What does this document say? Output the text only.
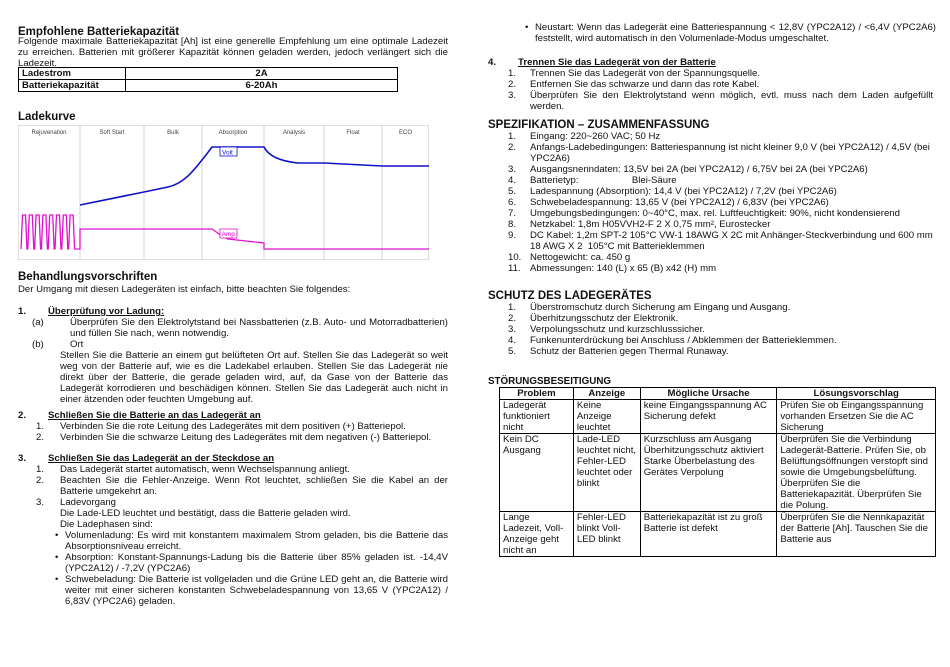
Empfohlene Batteriekapazität

Folgende maximale Batteriekapazität [Ah] ist eine generelle Empfehlung um eine optimale Ladezeit zu erreichen. Batterien mit größerer Kapazität können geladen werden, jedoch verlängert sich die Ladezeit.

Ladestrom	2A
Batteriekapazität	6-20Ah
Ladekurve
Rejuvenation	Soft Start	Bulk	Absorption	Analysis	Float	ECO
Volt
Amp.
Behandlungsvorschriften

Der Umgang mit diesen Ladegeräten ist einfach, bitte beachten Sie folgendes:

1.	Überprüfung vor Ladung:
(a)	Überprüfen Sie den Elektrolytstand bei Nassbatterien (z.B. Auto- und Motorradbatterien) und füllen Sie nach, wenn notwendig.
(b)	Ort

Stellen Sie die Batterie an einem gut belüfteten Ort auf. Stellen Sie das Ladegerät so weit weg von der Batterie auf, wie es die Ladekabel erlauben. Stellen Sie das Ladegerät nie direkt über der Batterie, die gerade geladen wird, auf, da Gase von der Batterie das Ladegerät korrodieren und beschädigen können. Stellen Sie das Ladegerät auch nicht in einer ätzenden oder feuchten Umgebung auf.

2.	Schließen Sie die Batterie an das Ladegerät an
1.	Verbinden Sie die rote Leitung des Ladegerätes mit dem positiven (+) Batteriepol.
2.	Verbinden Sie die schwarze Leitung des Ladegerätes mit dem negativen (-) Batteriepol.
3.	Schließen Sie das Ladegerät an der Steckdose an
1.	Das Ladegerät startet automatisch, wenn Wechselspannung anliegt.
2.	Beachten Sie die Fehler-Anzeige. Wenn Rot leuchtet, schließen Sie die Kabel an der Batterie umgekehrt an.
3.	Ladevorgang

Die Lade-LED leuchtet und bestätigt, dass die Batterie geladen wird.

Die Ladephasen sind:

• Volumenladung: Es wird mit konstantem maximalem Strom geladen, bis die Batterie das Absorptionsniveau erreicht.
• Absorption: Konstant-Spannungs-Ladung bis die Batterie über 85% geladen ist. -14,4V (YPC2A12) / -7,2V (YPC2A6)
• Schwebeladung: Die Batterie ist vollgeladen und die Grüne LED geht an, die Batterie wird weiter mit einer sicheren konstanten Schwebeladespannung von 13,65 V (YPC2A12) / 6,83V (YPC2A6) geladen.
• Neustart: Wenn das Ladegerät eine Batteriespannung < 12,8V (YPC2A12) / <6,4V (YPC2A6) feststellt, wird automatisch in den Volumenlade-Modus umgeschaltet.
4.	Trennen Sie das Ladegerät von der Batterie
1.	Trennen Sie das Ladegerät von der Spannungsquelle.
2.	Entfernen Sie das schwarze und dann das rote Kabel.
3.	Überprüfen Sie den Elektrolytstand wenn möglich, evtl. muss nach dem Laden aufgefüllt werden.
SPEZIFIKATION – ZUSAMMENFASSUNG
1.	Eingang: 220~260 VAC; 50 Hz
2.	Anfangs-Ladebedingungen: Batteriespannung ist nicht kleiner 9,0 V (bei YPC2A12) / 4,5V (bei YPC2A6)
3.	Ausgangsnenndaten: 13,5V bei 2A (bei YPC2A12) / 6,75V bei 2A (bei YPC2A6)
4.	Batterietyp:                    Blei-Säure
5.	Ladespannung (Absorption): 14,4 V (bei YPC2A12) / 7,2V (bei YPC2A6)
6.	Schwebeladespannung: 13,65 V (bei YPC2A12) / 6,83V (bei YPC2A6)
7.	Umgebungsbedingungen: 0~40°C, max. rel. Luftfeuchtigkeit: 90%, nicht kondensierend
8.	Netzkabel: 1,8m H05VVH2-F 2 X 0,75 mm², Eurostecker
9.	DC Kabel: 1,2m SPT-2 105°C VW-1 18AWG X 2C mit Anhänger-Steckverbindung und 600 mm 18 AWG X 2  105°C mit Batterieklemmen
10. Nettogewicht: ca. 450 g
11. Abmessungen: 140 (L) x 65 (B) x42 (H) mm
SCHUTZ DES LADEGERÄTES
1.	Überstromschutz durch Sicherung am Eingang und Ausgang.
2.	Überhitzungsschutz der Elektronik.
3.	Verpolungsschutz und kurzschlusssicher.
4.	Funkenunterdrückung bei Anschluss / Abklemmen der Batterieklemmen.
5.	Schutz der Batterien gegen Thermal Runaway.
STÖRUNGSBESEITIGUNG
Problem	Anzeige	Mögliche Ursache	Lösungsvorschlag
Ladegerät funktioniert nicht	Keine Anzeige leuchtet	keine Eingangsspannung AC Sicherung defekt	Prüfen Sie ob Eingangsspannung vorhanden Ersetzen Sie die AC Sicherung
Kein DC Ausgang	Lade-LED leuchtet nicht, Fehler-LED leuchtet oder blinkt	Kurzschluss am Ausgang Überhitzungsschutz aktiviert Starke Überbelastung des Gerätes Verpolung	Überprüfen Sie die Verbindung Ladegerät-Batterie. Prüfen Sie, ob Belüftungsöffnungen verstopft sind sowie die Umgebungsbelüftung. Überprüfen Sie die Batteriekapazität. Überprüfen Sie die Polung.
Lange Ladezeit, Voll-Anzeige geht nicht an	Fehler-LED blinkt Voll-LED blinkt	Batteriekapazität ist zu groß Batterie ist defekt	Überprüfen Sie die Nennkapazität der Batterie [Ah]. Tauschen Sie die Batterie aus
